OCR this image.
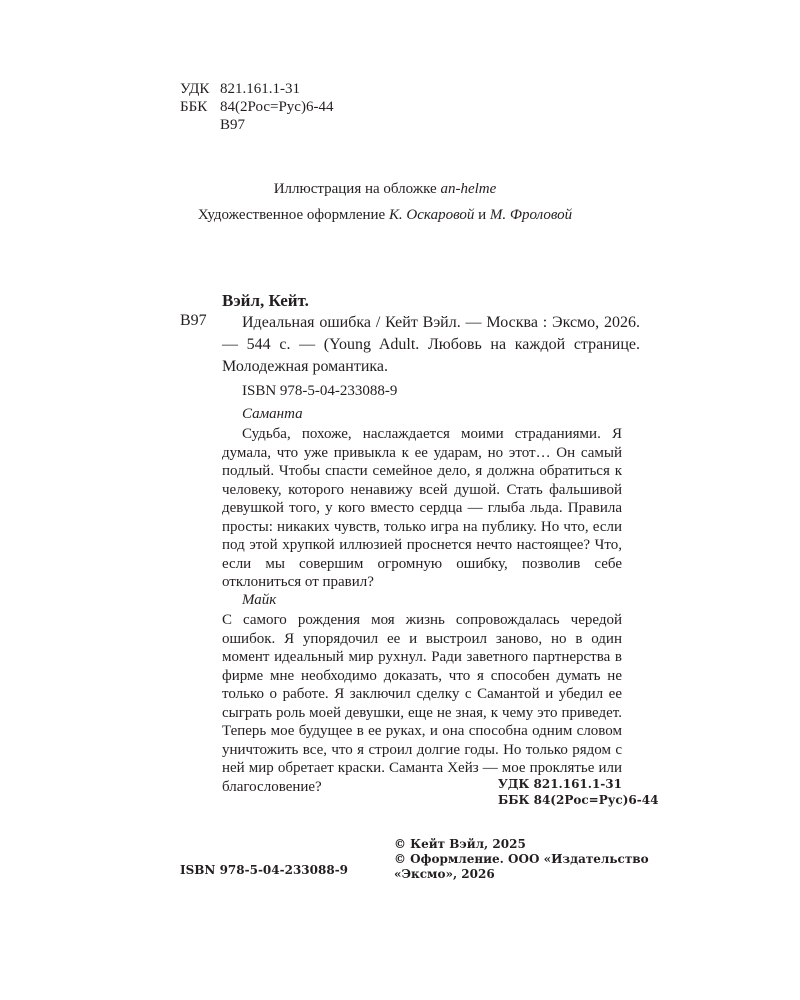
УДК 821.161.1-31
ББК 84(2Рос=Рус)6-44
В97
Иллюстрация на обложке an-helme
Художественное оформление К. Оскаровой и М. Фроловой
Вэйл, Кейт.
В97	Идеальная ошибка / Кейт Вэйл. — Москва : Эксмо, 2026. — 544 с. — (Young Adult. Любовь на каждой странице. Молодежная романтика.
ISBN 978-5-04-233088-9
Саманта
Судьба, похоже, наслаждается моими страданиями. Я думала, что уже привыкла к ее ударам, но этот… Он самый подлый. Чтобы спасти семейное дело, я должна обратиться к человеку, которого ненавижу всей душой. Стать фальшивой девушкой того, у кого вместо сердца — глыба льда. Правила просты: никаких чувств, только игра на публику. Но что, если под этой хрупкой иллюзией проснется нечто настоящее? Что, если мы совершим огромную ошибку, позволив себе отклониться от правил?
Майк
С самого рождения моя жизнь сопровождалась чередой ошибок. Я упорядочил ее и выстроил заново, но в один момент идеальный мир рухнул. Ради заветного партнерства в фирме мне необходимо доказать, что я способен думать не только о работе. Я заключил сделку с Самантой и убедил ее сыграть роль моей девушки, еще не зная, к чему это приведет. Теперь мое будущее в ее руках, и она способна одним словом уничтожить все, что я строил долгие годы. Но только рядом с ней мир обретает краски. Саманта Хейз — мое проклятье или благословение?	УДК 821.161.1-31
ББК 84(2Рос=Рус)6-44
© Кейт Вэйл, 2025
© Оформление. ООО «Издательство «Эксмо», 2026
ISBN 978-5-04-233088-9
